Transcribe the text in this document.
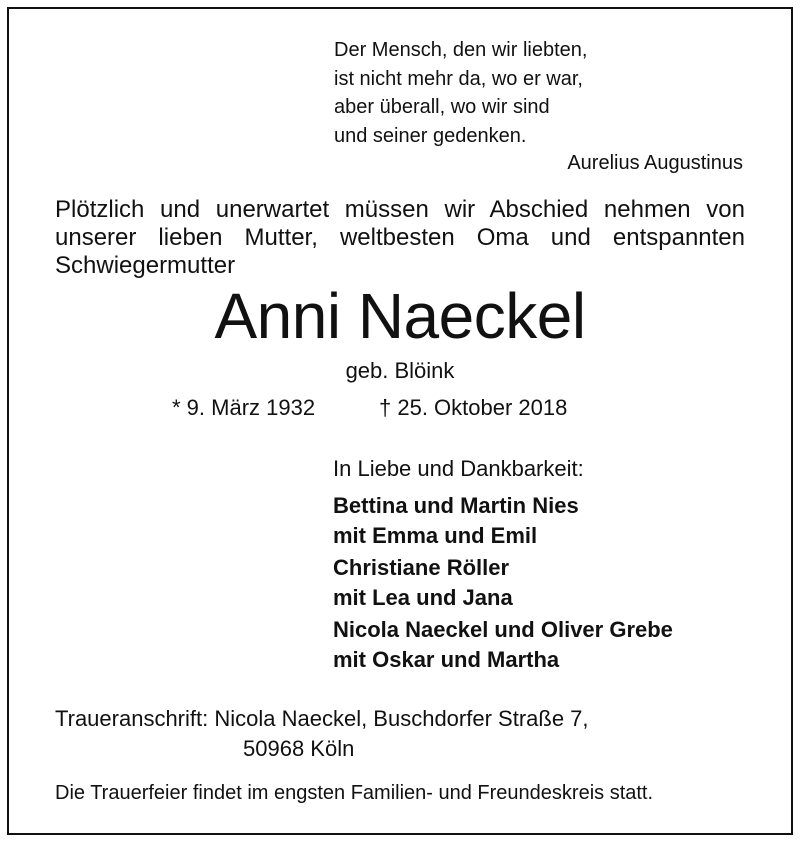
Der Mensch, den wir liebten,
ist nicht mehr da, wo er war,
aber überall, wo wir sind
und seiner gedenken.
Aurelius Augustinus
Plötzlich und unerwartet müssen wir Abschied nehmen von
unserer lieben Mutter, weltbesten Oma und entspannten
Schwiegermutter
Anni Naeckel
geb. Blöink
* 9. März 1932	† 25. Oktober 2018
In Liebe und Dankbarkeit:
Bettina und Martin Nies
mit Emma und Emil
Christiane Röller
mit Lea und Jana
Nicola Naeckel und Oliver Grebe
mit Oskar und Martha
Traueranschrift: Nicola Naeckel, Buschdorfer Straße 7,
50968 Köln
Die Trauerfeier findet im engsten Familien- und Freundeskreis statt.
